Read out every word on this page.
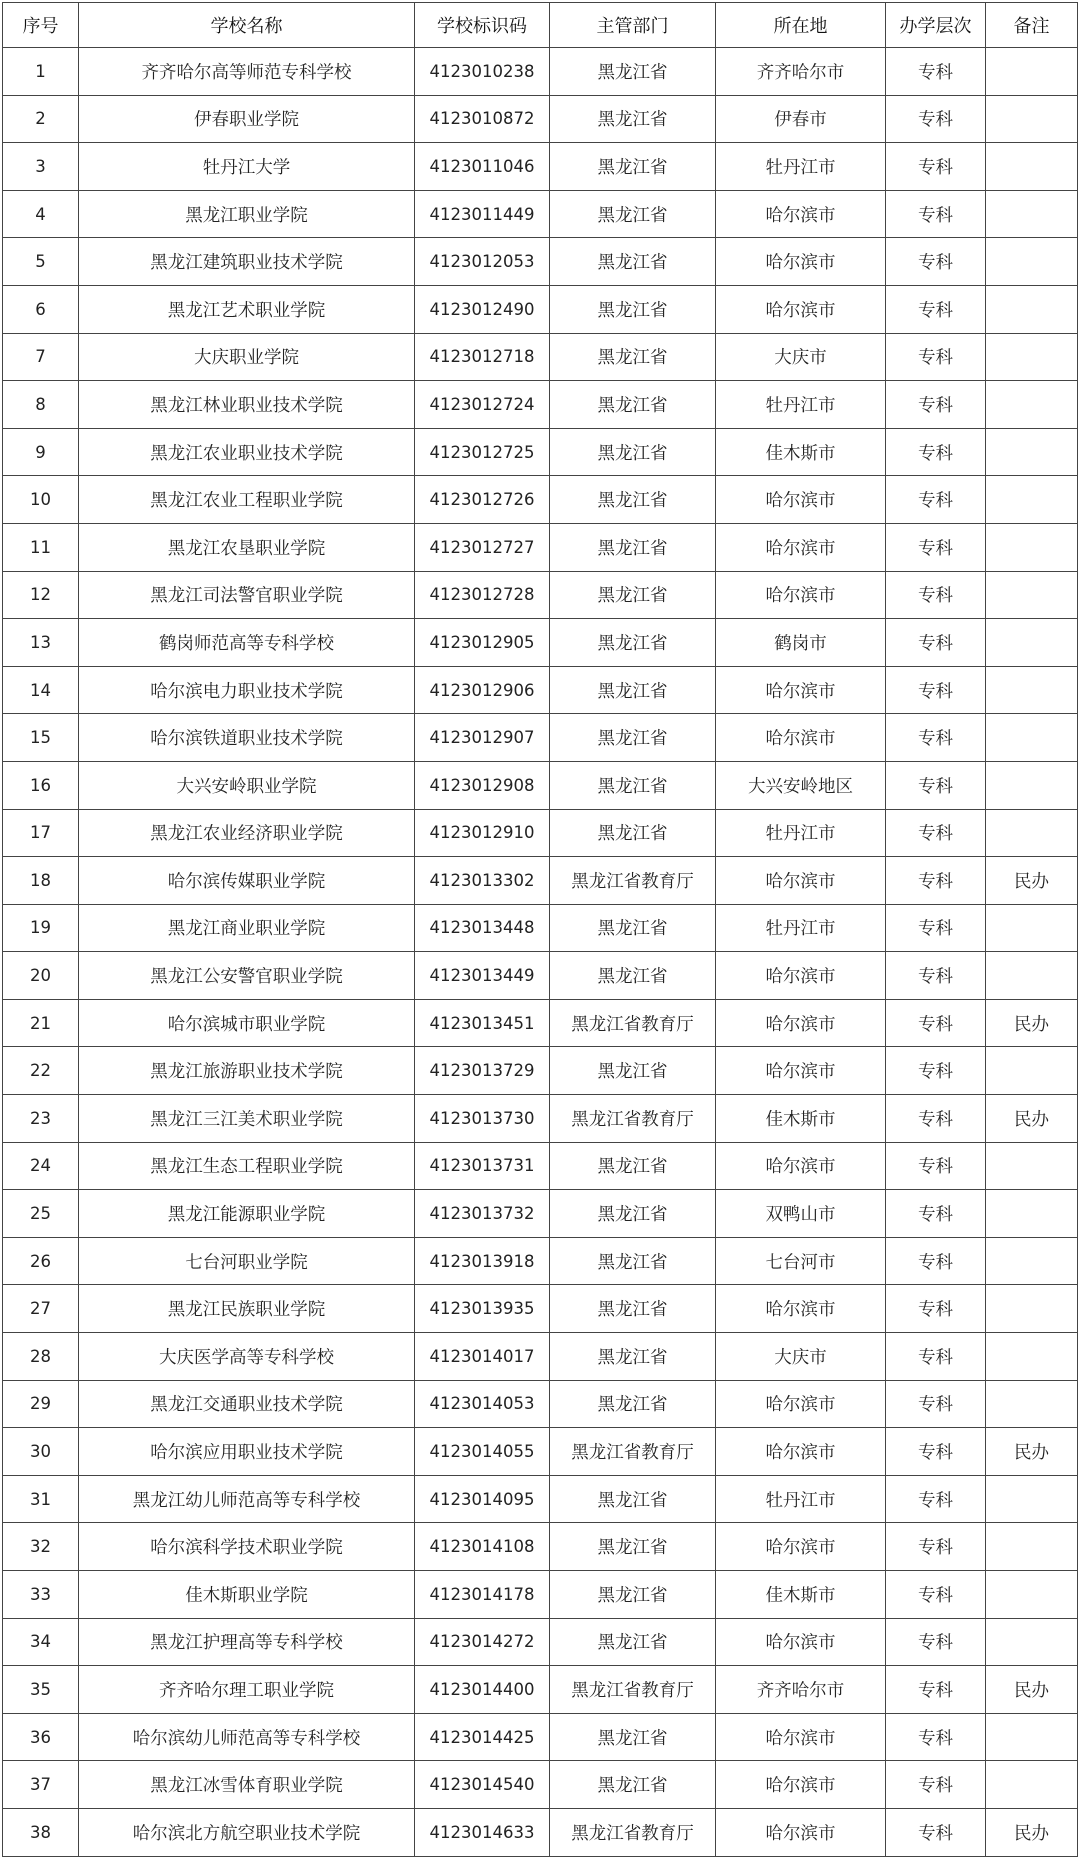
序号	学校名称	学校标识码	主管部门	所在地	办学层次	备注
1	齐齐哈尔高等师范专科学校	4123010238	黑龙江省	齐齐哈尔市	专科	
2	伊春职业学院	4123010872	黑龙江省	伊春市	专科	
3	牡丹江大学	4123011046	黑龙江省	牡丹江市	专科	
4	黑龙江职业学院	4123011449	黑龙江省	哈尔滨市	专科	
5	黑龙江建筑职业技术学院	4123012053	黑龙江省	哈尔滨市	专科	
6	黑龙江艺术职业学院	4123012490	黑龙江省	哈尔滨市	专科	
7	大庆职业学院	4123012718	黑龙江省	大庆市	专科	
8	黑龙江林业职业技术学院	4123012724	黑龙江省	牡丹江市	专科	
9	黑龙江农业职业技术学院	4123012725	黑龙江省	佳木斯市	专科	
10	黑龙江农业工程职业学院	4123012726	黑龙江省	哈尔滨市	专科	
11	黑龙江农垦职业学院	4123012727	黑龙江省	哈尔滨市	专科	
12	黑龙江司法警官职业学院	4123012728	黑龙江省	哈尔滨市	专科	
13	鹤岗师范高等专科学校	4123012905	黑龙江省	鹤岗市	专科	
14	哈尔滨电力职业技术学院	4123012906	黑龙江省	哈尔滨市	专科	
15	哈尔滨铁道职业技术学院	4123012907	黑龙江省	哈尔滨市	专科	
16	大兴安岭职业学院	4123012908	黑龙江省	大兴安岭地区	专科	
17	黑龙江农业经济职业学院	4123012910	黑龙江省	牡丹江市	专科	
18	哈尔滨传媒职业学院	4123013302	黑龙江省教育厅	哈尔滨市	专科	民办
19	黑龙江商业职业学院	4123013448	黑龙江省	牡丹江市	专科	
20	黑龙江公安警官职业学院	4123013449	黑龙江省	哈尔滨市	专科	
21	哈尔滨城市职业学院	4123013451	黑龙江省教育厅	哈尔滨市	专科	民办
22	黑龙江旅游职业技术学院	4123013729	黑龙江省	哈尔滨市	专科	
23	黑龙江三江美术职业学院	4123013730	黑龙江省教育厅	佳木斯市	专科	民办
24	黑龙江生态工程职业学院	4123013731	黑龙江省	哈尔滨市	专科	
25	黑龙江能源职业学院	4123013732	黑龙江省	双鸭山市	专科	
26	七台河职业学院	4123013918	黑龙江省	七台河市	专科	
27	黑龙江民族职业学院	4123013935	黑龙江省	哈尔滨市	专科	
28	大庆医学高等专科学校	4123014017	黑龙江省	大庆市	专科	
29	黑龙江交通职业技术学院	4123014053	黑龙江省	哈尔滨市	专科	
30	哈尔滨应用职业技术学院	4123014055	黑龙江省教育厅	哈尔滨市	专科	民办
31	黑龙江幼儿师范高等专科学校	4123014095	黑龙江省	牡丹江市	专科	
32	哈尔滨科学技术职业学院	4123014108	黑龙江省	哈尔滨市	专科	
33	佳木斯职业学院	4123014178	黑龙江省	佳木斯市	专科	
34	黑龙江护理高等专科学校	4123014272	黑龙江省	哈尔滨市	专科	
35	齐齐哈尔理工职业学院	4123014400	黑龙江省教育厅	齐齐哈尔市	专科	民办
36	哈尔滨幼儿师范高等专科学校	4123014425	黑龙江省	哈尔滨市	专科	
37	黑龙江冰雪体育职业学院	4123014540	黑龙江省	哈尔滨市	专科	
38	哈尔滨北方航空职业技术学院	4123014633	黑龙江省教育厅	哈尔滨市	专科	民办
